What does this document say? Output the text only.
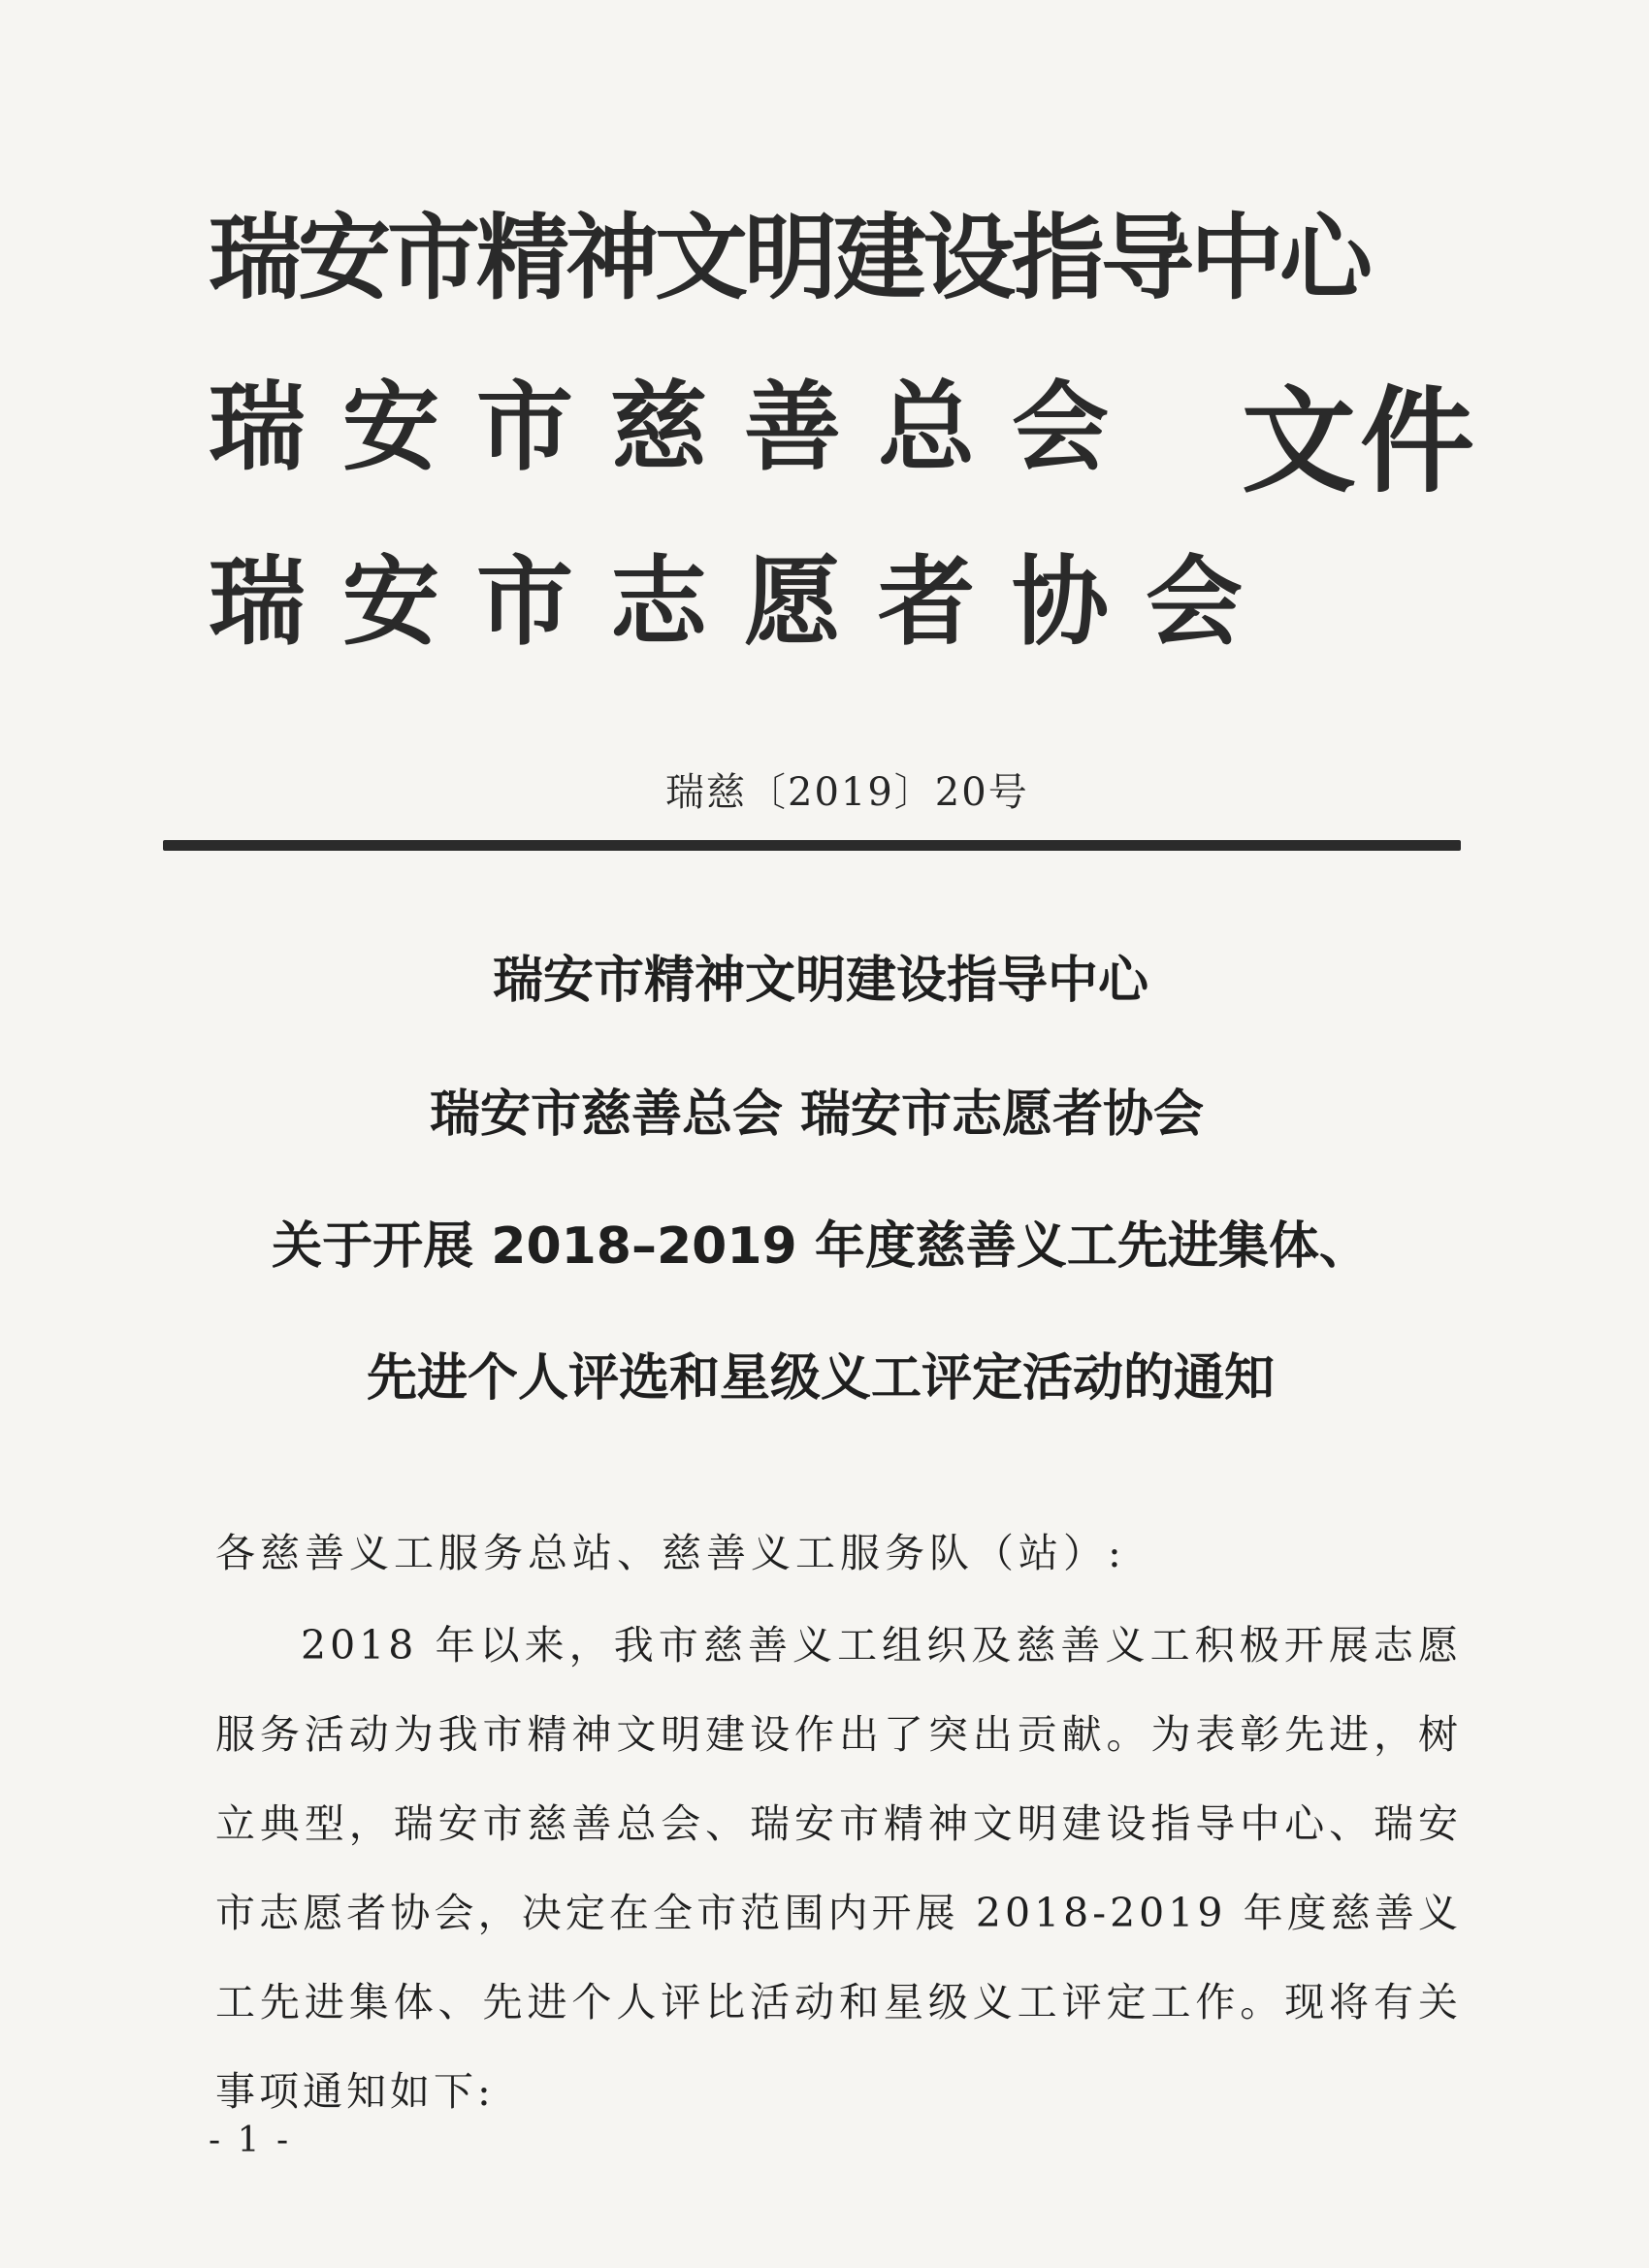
瑞安市精神文明建设指导中心
瑞安市慈善总会
瑞安市志愿者协会
文件
瑞慈〔2019〕20号
瑞安市精神文明建设指导中心
瑞安市慈善总会 瑞安市志愿者协会
关于开展 2018–2019 年度慈善义工先进集体、
先进个人评选和星级义工评定活动的通知
各慈善义工服务总站、慈善义工服务队（站）:
2018 年以来，我市慈善义工组织及慈善义工积极开展志愿服务活动为我市精神文明建设作出了突出贡献。为表彰先进，树立典型，瑞安市慈善总会、瑞安市精神文明建设指导中心、瑞安市志愿者协会，决定在全市范围内开展 2018-2019 年度慈善义工先进集体、先进个人评比活动和星级义工评定工作。现将有关事项通知如下:
- 1 -
